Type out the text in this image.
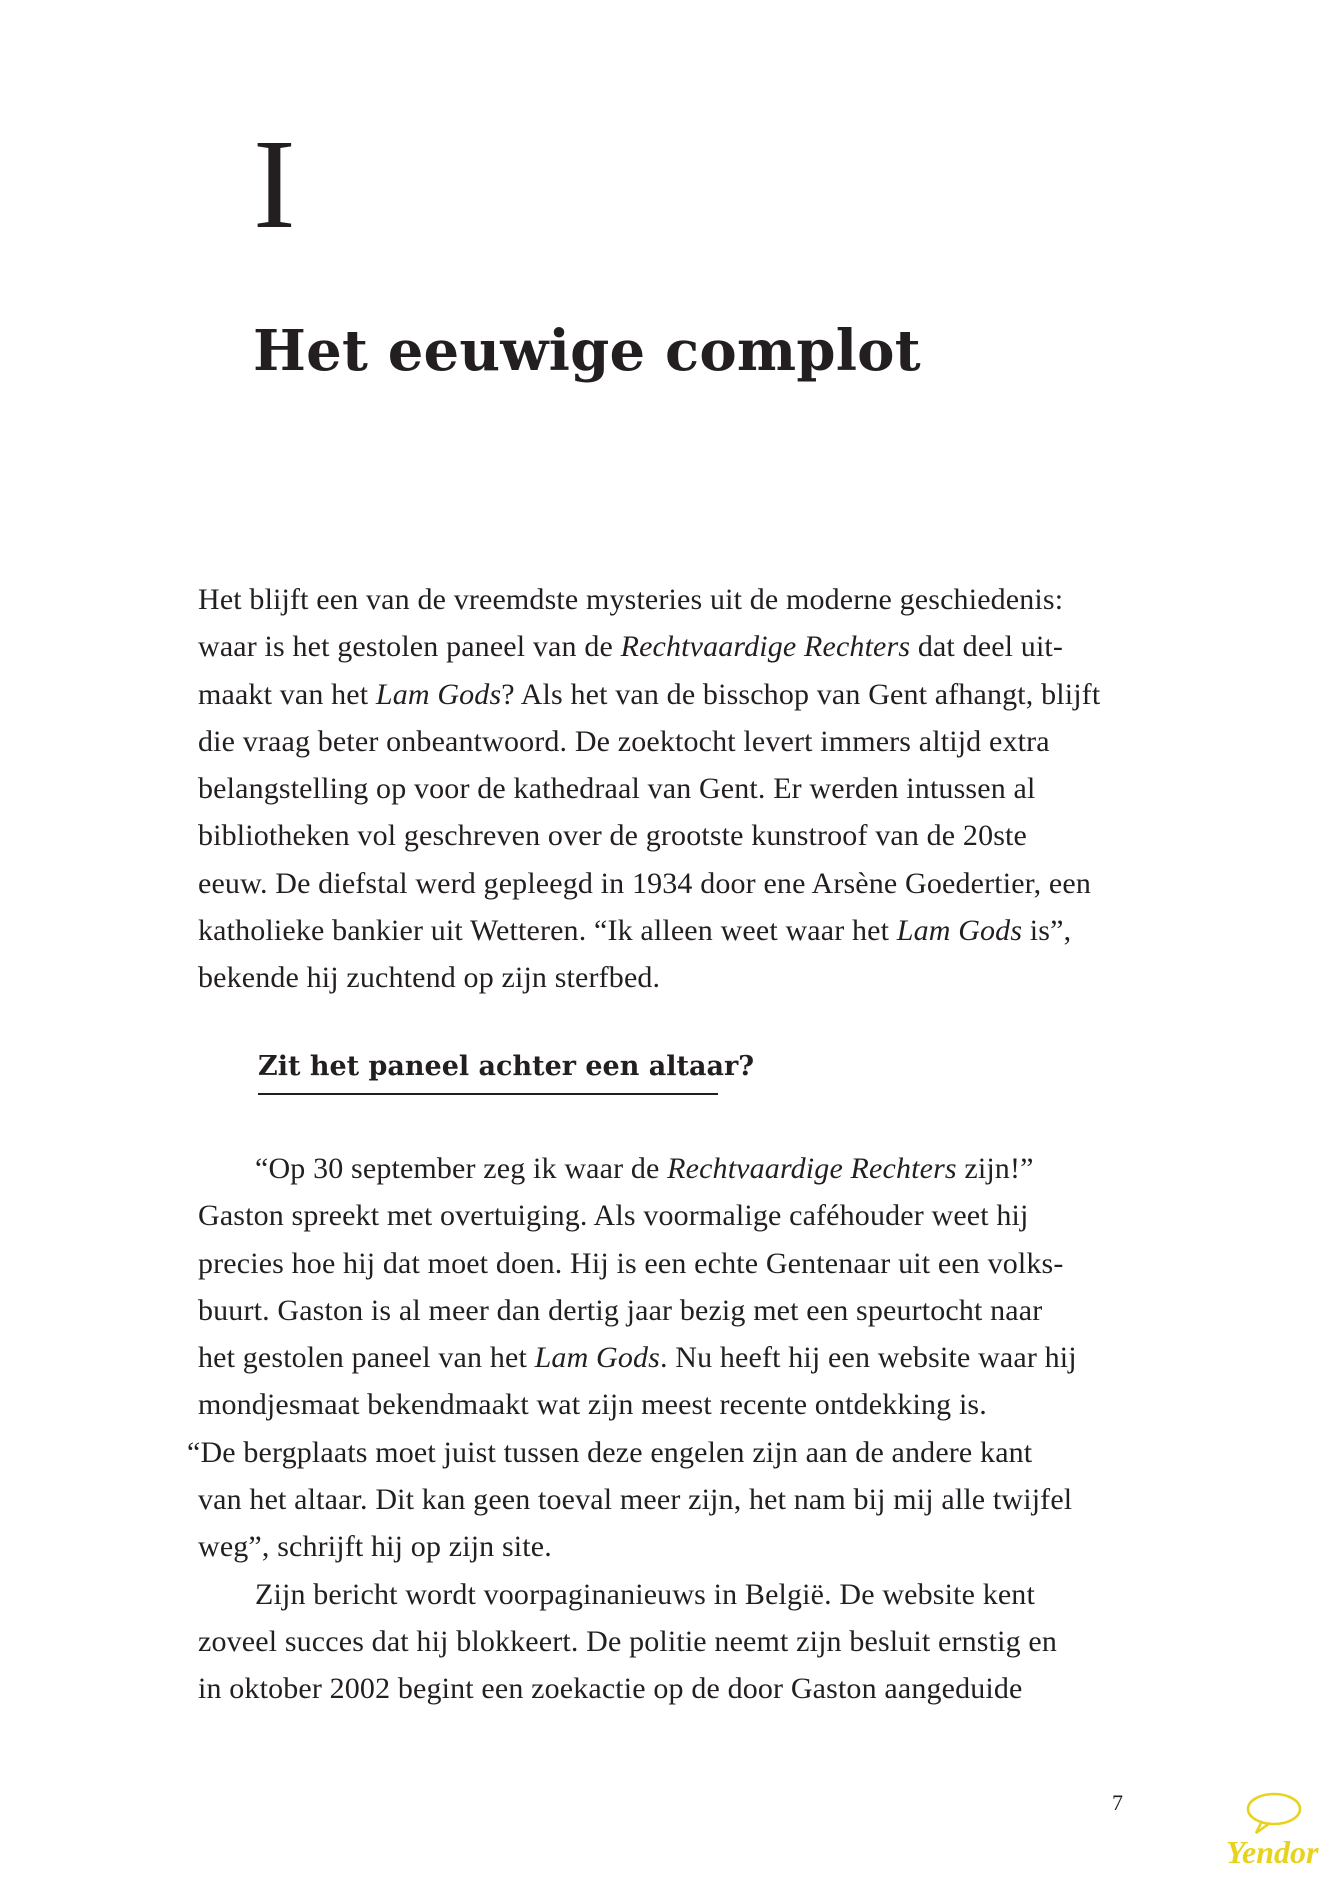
I
Het eeuwige complot
Het blijft een van de vreemdste mysteries uit de moderne geschiedenis:
waar is het gestolen paneel van de Rechtvaardige Rechters dat deel uit-
maakt van het Lam Gods? Als het van de bisschop van Gent afhangt, blijft
die vraag beter onbeantwoord. De zoektocht levert immers altijd extra
belangstelling op voor de kathedraal van Gent. Er werden intussen al
bibliotheken vol geschreven over de grootste kunstroof van de 20ste
eeuw. De diefstal werd gepleegd in 1934 door ene Arsène Goedertier, een
katholieke bankier uit Wetteren. “Ik alleen weet waar het Lam Gods is”,
bekende hij zuchtend op zijn sterfbed.
Zit het paneel achter een altaar?
“Op 30 september zeg ik waar de Rechtvaardige Rechters zijn!”
Gaston spreekt met overtuiging. Als voormalige caféhouder weet hij
precies hoe hij dat moet doen. Hij is een echte Gentenaar uit een volks-
buurt. Gaston is al meer dan dertig jaar bezig met een speurtocht naar
het gestolen paneel van het Lam Gods. Nu heeft hij een website waar hij
mondjesmaat bekendmaakt wat zijn meest recente ontdekking is.
“De bergplaats moet juist tussen deze engelen zijn aan de andere kant
van het altaar. Dit kan geen toeval meer zijn, het nam bij mij alle twijfel
weg”, schrijft hij op zijn site.
Zijn bericht wordt voorpaginanieuws in België. De website kent
zoveel succes dat hij blokkeert. De politie neemt zijn besluit ernstig en
in oktober 2002 begint een zoekactie op de door Gaston aangeduide
7
Yendor
